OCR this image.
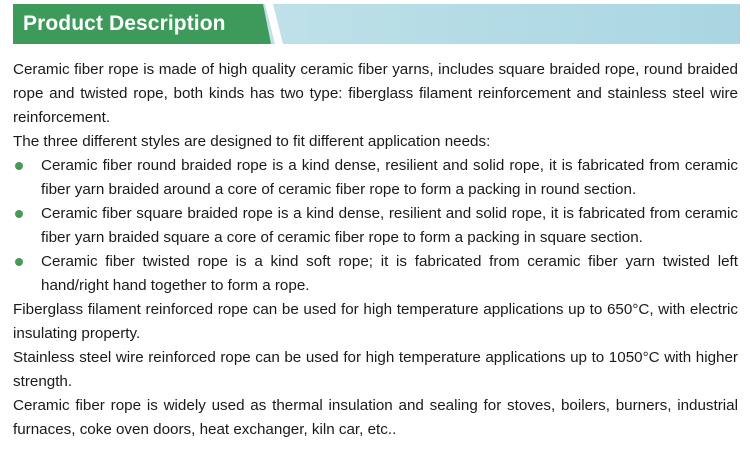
Product Description

Ceramic fiber rope is made of high quality ceramic fiber yarns, includes square braided rope, round braided rope and twisted rope, both kinds has two type: fiberglass filament reinforcement and stainless steel wire reinforcement.

The three different styles are designed to fit different application needs:

Ceramic fiber round braided rope is a kind dense, resilient and solid rope, it is fabricated from ceramic fiber yarn braided around a core of ceramic fiber rope to form a packing in round section.
Ceramic fiber square braided rope is a kind dense, resilient and solid rope, it is fabricated from ceramic fiber yarn braided square a core of ceramic fiber rope to form a packing in square section.
Ceramic fiber twisted rope is a kind soft rope; it is fabricated from ceramic fiber yarn twisted left hand/right hand together to form a rope.

Fiberglass filament reinforced rope can be used for high temperature applications up to 650°C, with electric insulating property.

Stainless steel wire reinforced rope can be used for high temperature applications up to 1050°C with higher strength.

Ceramic fiber rope is widely used as thermal insulation and sealing for stoves, boilers, burners, industrial furnaces, coke oven doors, heat exchanger, kiln car, etc..
